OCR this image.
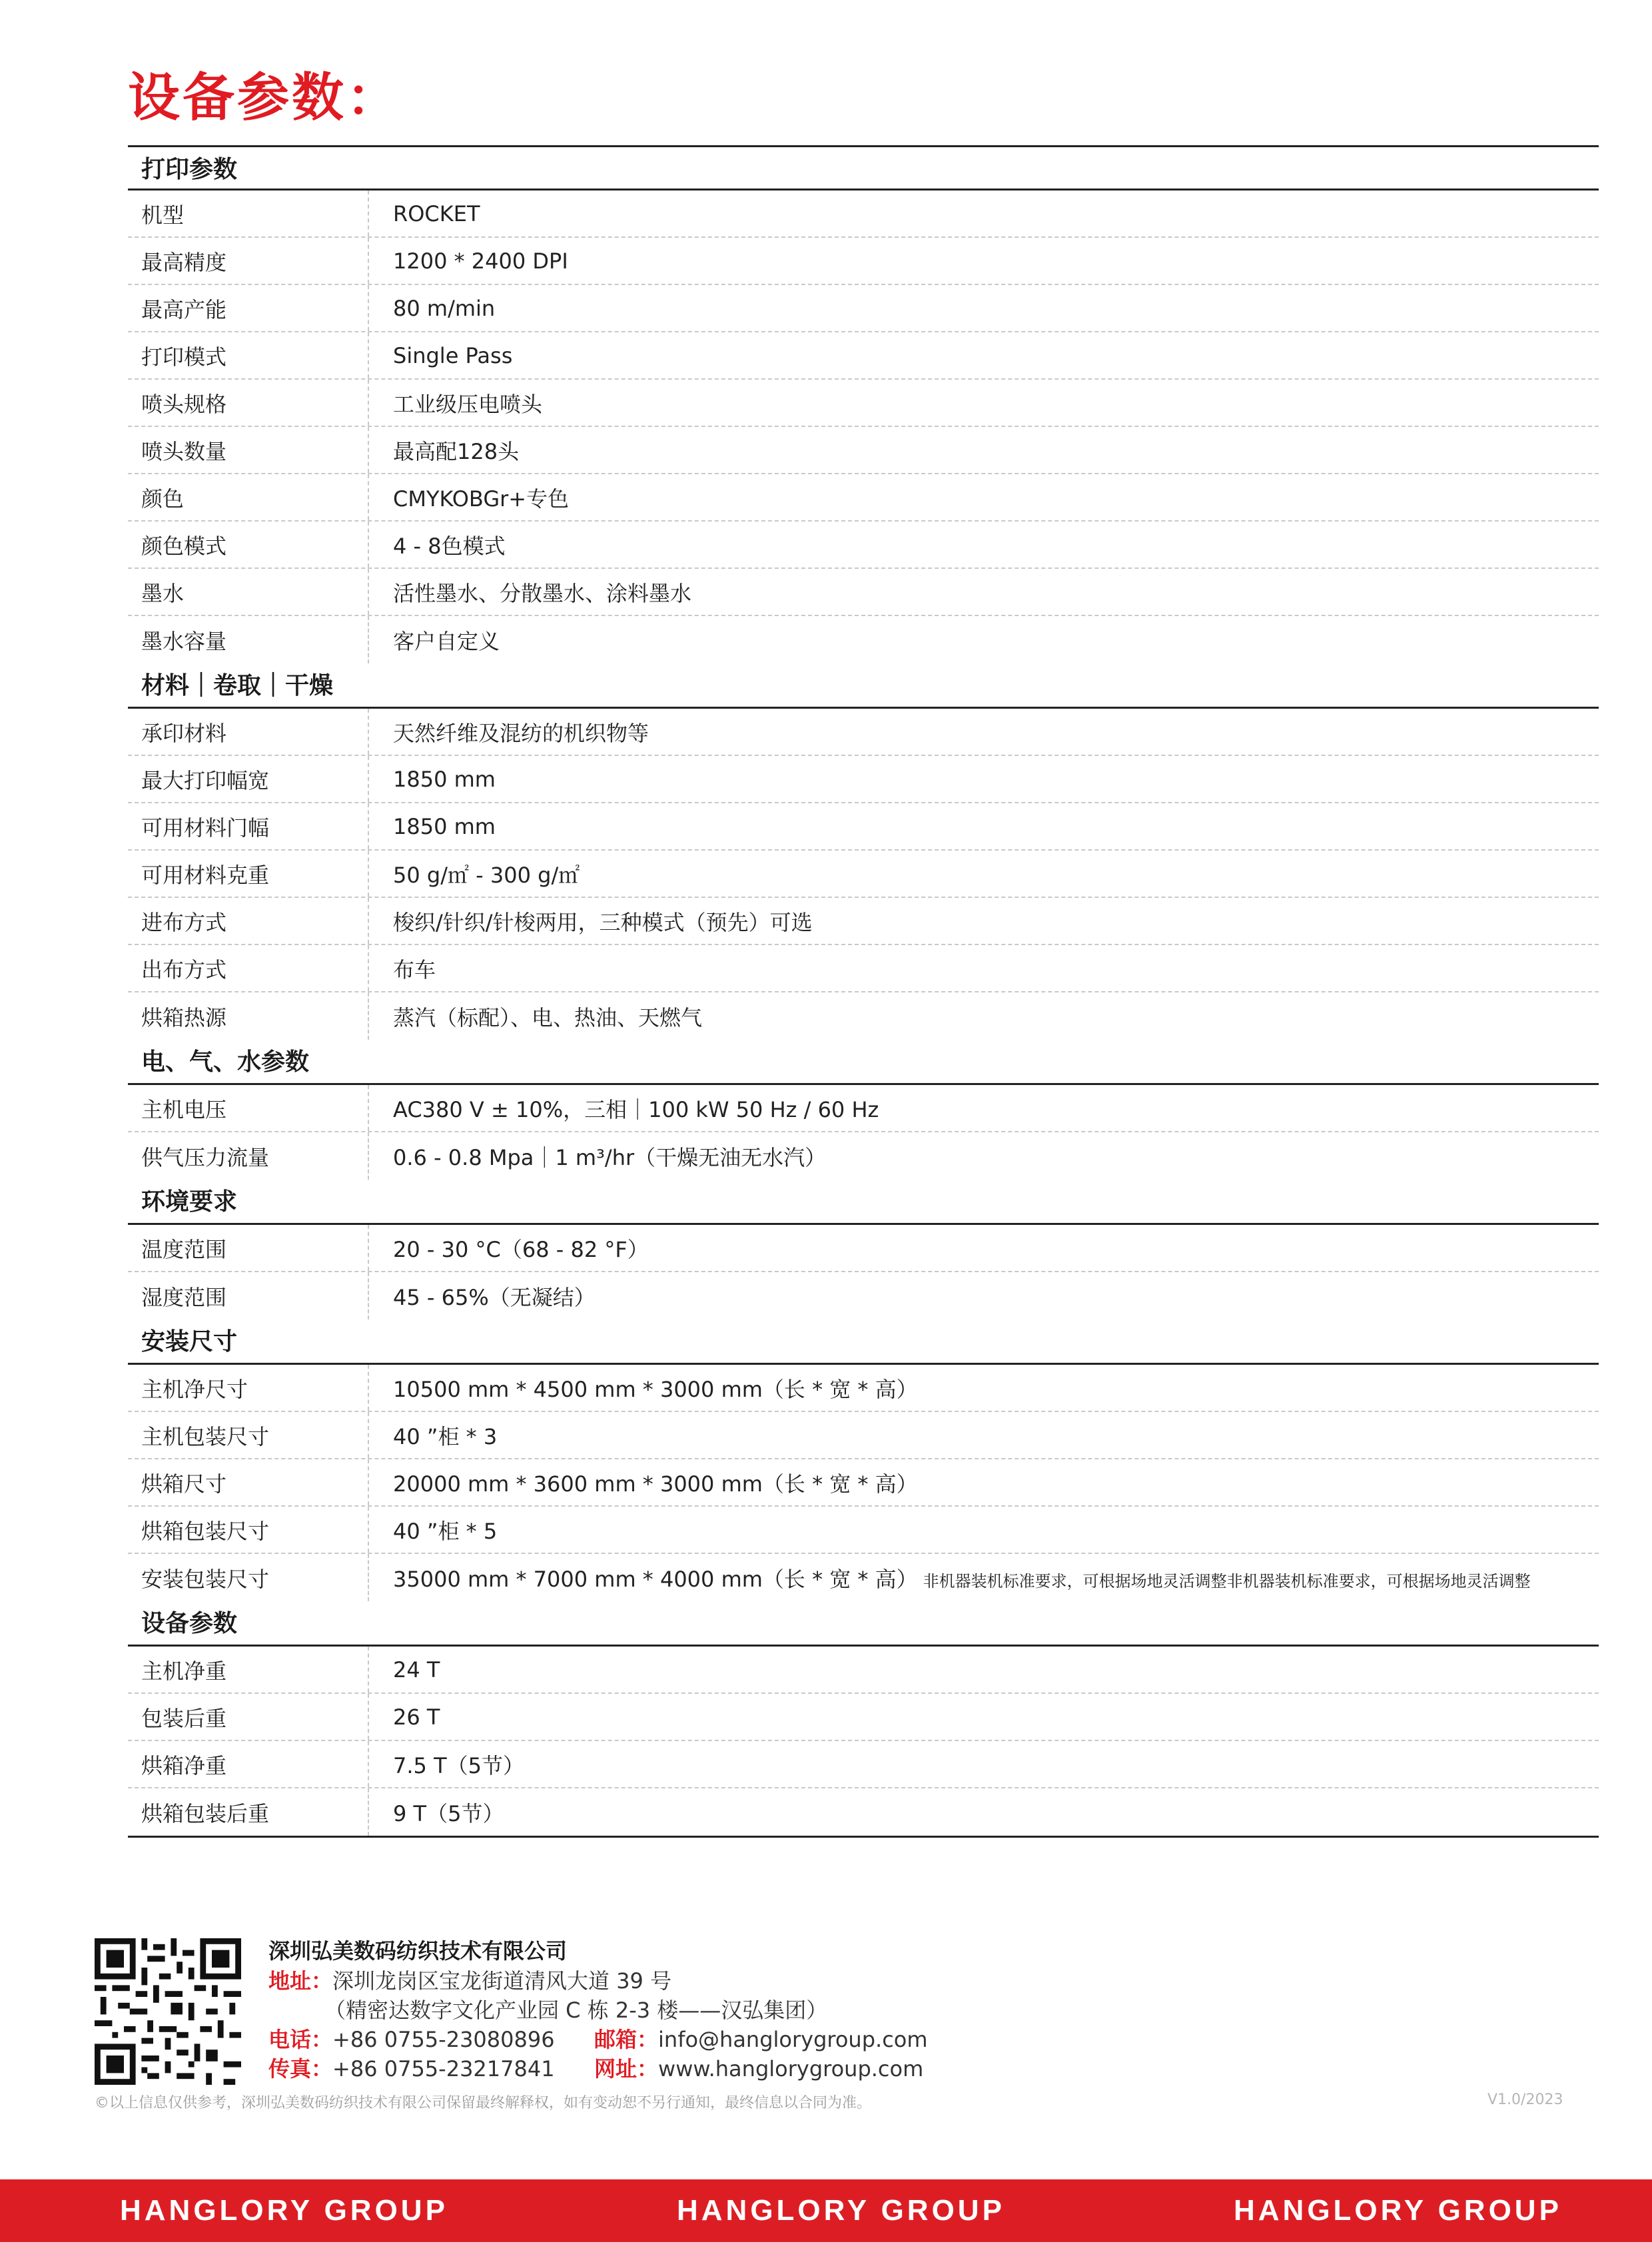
设备参数：
打印参数
机型	ROCKET
最高精度	1200 * 2400 DPI
最高产能	80 m/min
打印模式	Single Pass
喷头规格	工业级压电喷头
喷头数量	最高配128头
颜色	CMYKOBGr+专色
颜色模式	4 - 8色模式
墨水	活性墨水、分散墨水、涂料墨水
墨水容量	客户自定义
材料｜卷取｜干燥
承印材料	天然纤维及混纺的机织物等
最大打印幅宽	1850 mm
可用材料门幅	1850 mm
可用材料克重	50 g/㎡ - 300 g/㎡
进布方式	梭织/针织/针梭两用，三种模式（预先）可选
出布方式	布车
烘箱热源	蒸汽（标配）、电、热油、天燃气
电、气、水参数
主机电压	AC380 V ± 10%，三相｜100 kW 50 Hz / 60 Hz
供气压力流量	0.6 - 0.8 Mpa｜1 m³/hr（干燥无油无水汽）
环境要求
温度范围	20 - 30 °C（68 - 82 °F）
湿度范围	45 - 65%（无凝结）
安装尺寸
主机净尺寸	10500 mm * 4500 mm * 3000 mm（长 * 宽 * 高）
主机包装尺寸	40 ”柜 * 3
烘箱尺寸	20000 mm * 3600 mm * 3000 mm（长 * 宽 * 高）
烘箱包装尺寸	40 ”柜 * 5
安装包装尺寸	35000 mm * 7000 mm * 4000 mm（长 * 宽 * 高） 非机器装机标准要求，可根据场地灵活调整非机器装机标准要求，可根据场地灵活调整
设备参数
主机净重	24 T
包装后重	26 T
烘箱净重	7.5 T（5节）
烘箱包装后重	9 T（5节）
深圳弘美数码纺织技术有限公司
地址：深圳龙岗区宝龙街道清风大道 39 号
（精密达数字文化产业园 C 栋 2-3 楼——汉弘集团）
电话：+86 0755-23080896 邮箱：info@hanglorygroup.com
传真：+86 0755-23217841 网址：www.hanglorygroup.com
©以上信息仅供参考，深圳弘美数码纺织技术有限公司保留最终解释权，如有变动恕不另行通知，最终信息以合同为准。	V1.0/2023
HANGLORY GROUP	HANGLORY GROUP	HANGLORY GROUP
